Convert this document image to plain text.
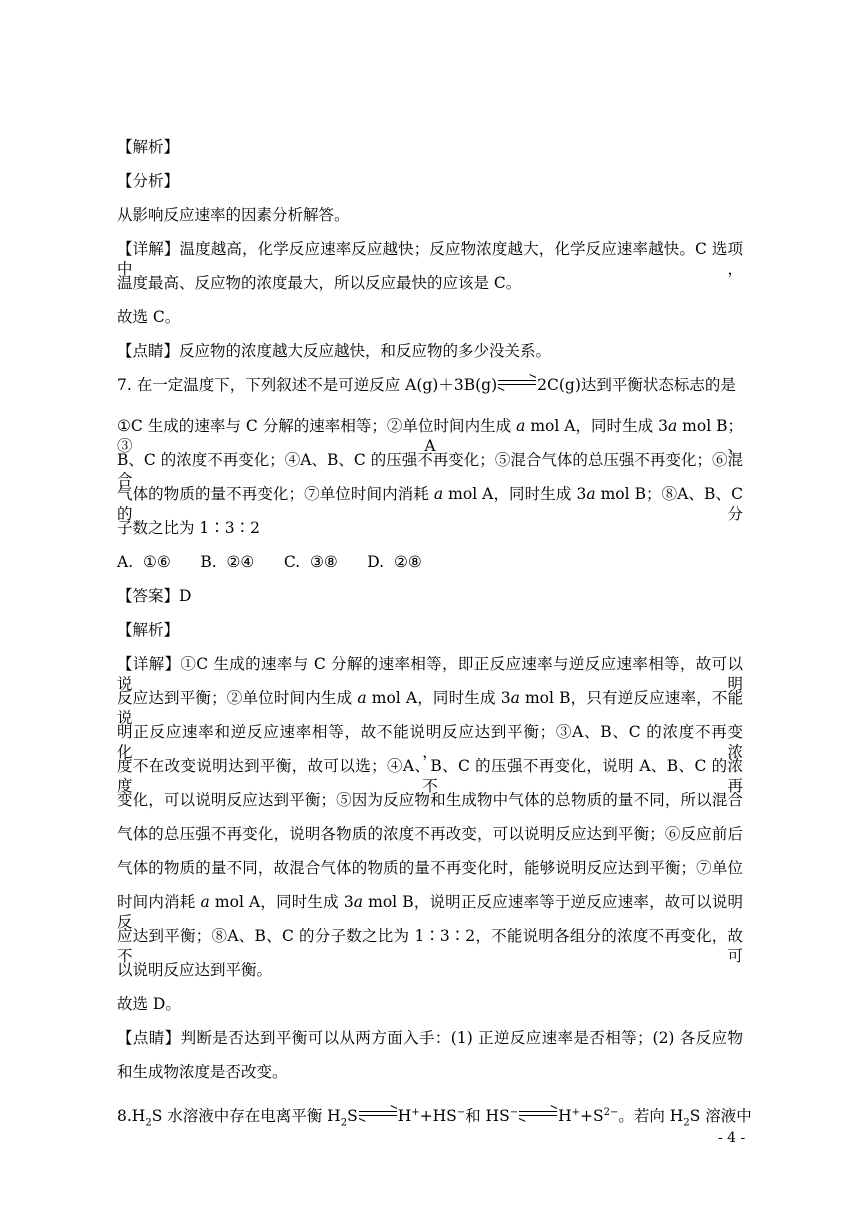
【解析】
【分析】
从影响反应速率的因素分析解答。
【详解】温度越高，化学反应速率反应越快；反应物浓度越大，化学反应速率越快。C 选项中，
温度最高、反应物的浓度最大，所以反应最快的应该是 C。
故选 C。
【点睛】反应物的浓度越大反应越快，和反应物的多少没关系。
7. 在一定温度下，下列叙述不是可逆反应 A(g)＋3B(g)	2C(g)达到平衡状态标志的是
①C 生成的速率与 C 分解的速率相等；②单位时间内生成 a mol A，同时生成 3a mol B；③A、
B、C 的浓度不再变化；④A、B、C 的压强不再变化；⑤混合气体的总压强不再变化；⑥混合
气体的物质的量不再变化；⑦单位时间内消耗 a mol A，同时生成 3a mol B；⑧A、B、C 的分
子数之比为 1∶3∶2
A.  ①⑥      B.  ②④      C.  ③⑧      D.  ②⑧
【答案】D
【解析】
【详解】①C 生成的速率与 C 分解的速率相等，即正反应速率与逆反应速率相等，故可以说明
反应达到平衡；②单位时间内生成 a mol A，同时生成 3a mol B，只有逆反应速率，不能说
明正反应速率和逆反应速率相等，故不能说明反应达到平衡；③A、B、C 的浓度不再变化，浓
度不在改变说明达到平衡，故可以选；④A、B、C 的压强不再变化，说明 A、B、C 的浓度不再
变化，可以说明反应达到平衡；⑤因为反应物和生成物中气体的总物质的量不同，所以混合
气体的总压强不再变化，说明各物质的浓度不再改变，可以说明反应达到平衡；⑥反应前后
气体的物质的量不同，故混合气体的物质的量不再变化时，能够说明反应达到平衡；⑦单位
时间内消耗 a mol A，同时生成 3a mol B，说明正反应速率等于逆反应速率，故可以说明反
应达到平衡；⑧A、B、C 的分子数之比为 1∶3∶2，不能说明各组分的浓度不再变化，故不可
以说明反应达到平衡。
故选 D。
【点睛】判断是否达到平衡可以从两方面入手：(1) 正逆反应速率是否相等；(2) 各反应物
和生成物浓度是否改变。
$8.H_2S$ 水溶液中存在电离平衡 $H_2S$	H++HS−和 HS−	$H^++S^{2-}$。若向 $H_2S$ 溶液中
- 4 -
